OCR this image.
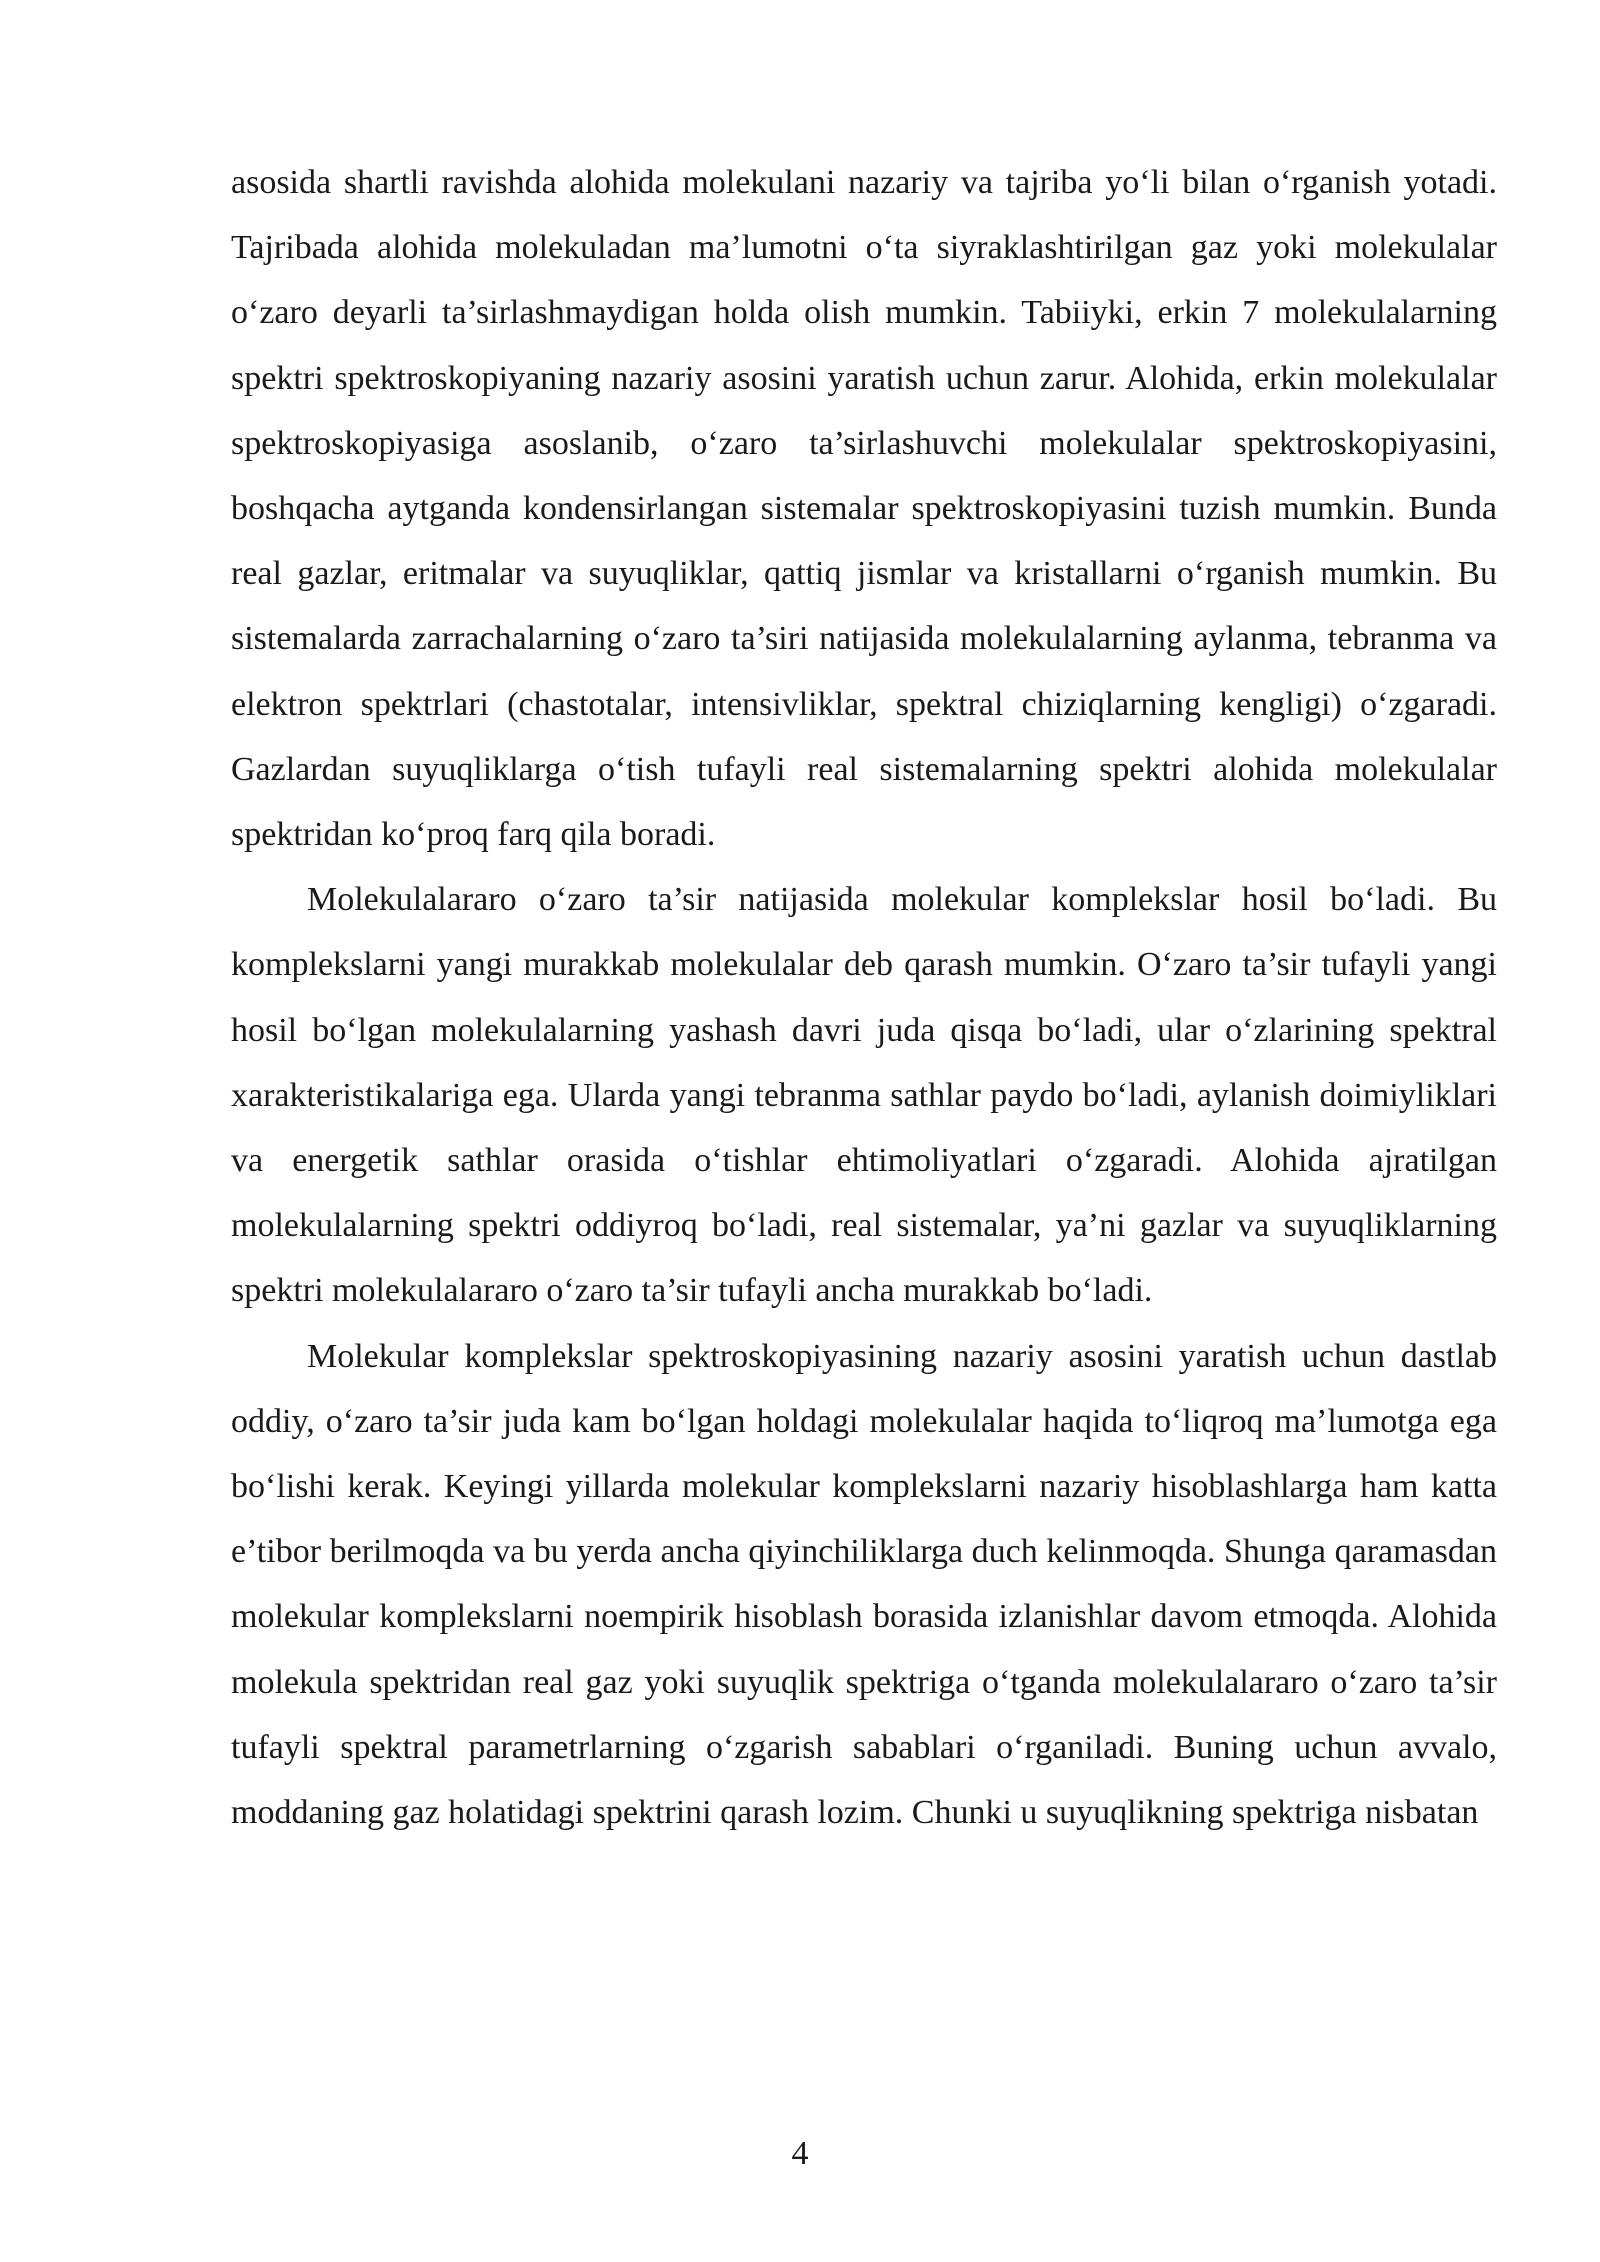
asosida shartli ravishda alohida molekulani nazariy va tajriba yo‘li bilan o‘rganish yotadi. Tajribada alohida molekuladan ma’lumotni o‘ta siyraklashtirilgan gaz yoki molekulalar o‘zaro deyarli ta’sirlashmaydigan holda olish mumkin. Tabiiyki, erkin 7 molekulalarning spektri spektroskopiyaning nazariy asosini yaratish uchun zarur. Alohida, erkin molekulalar spektroskopiyasiga asoslanib, o‘zaro ta’sirlashuvchi molekulalar spektroskopiyasini, boshqacha aytganda kondensirlangan sistemalar spektroskopiyasini tuzish mumkin. Bunda real gazlar, eritmalar va suyuqliklar, qattiq jismlar va kristallarni o‘rganish mumkin. Bu sistemalarda zarrachalarning o‘zaro ta’siri natijasida molekulalarning aylanma, tebranma va elektron spektrlari (chastotalar, intensivliklar, spektral chiziqlarning kengligi) o‘zgaradi. Gazlardan suyuqliklarga o‘tish tufayli real sistemalarning spektri alohida molekulalar spektridan ko‘proq farq qila boradi.

Molekulalararo o‘zaro ta’sir natijasida molekular komplekslar hosil bo‘ladi. Bu komplekslarni yangi murakkab molekulalar deb qarash mumkin. O‘zaro ta’sir tufayli yangi hosil bo‘lgan molekulalarning yashash davri juda qisqa bo‘ladi, ular o‘zlarining spektral xarakteristikalariga ega. Ularda yangi tebranma sathlar paydo bo‘ladi, aylanish doimiyliklari va energetik sathlar orasida o‘tishlar ehtimoliyatlari o‘zgaradi. Alohida ajratilgan molekulalarning spektri oddiyroq bo‘ladi, real sistemalar, ya’ni gazlar va suyuqliklarning spektri molekulalararo o‘zaro ta’sir tufayli ancha murakkab bo‘ladi.

Molekular komplekslar spektroskopiyasining nazariy asosini yaratish uchun dastlab oddiy, o‘zaro ta’sir juda kam bo‘lgan holdagi molekulalar haqida to‘liqroq ma’lumotga ega bo‘lishi kerak. Keyingi yillarda molekular komplekslarni nazariy hisoblashlarga ham katta e’tibor berilmoqda va bu yerda ancha qiyinchiliklarga duch kelinmoqda. Shunga qaramasdan molekular komplekslarni noempirik hisoblash borasida izlanishlar davom etmoqda. Alohida molekula spektridan real gaz yoki suyuqlik spektriga o‘tganda molekulalararo o‘zaro ta’sir tufayli spektral parametrlarning o‘zgarish sabablari o‘rganiladi. Buning uchun avvalo, moddaning gaz holatidagi spektrini qarash lozim. Chunki u suyuqlikning spektriga nisbatan

4
